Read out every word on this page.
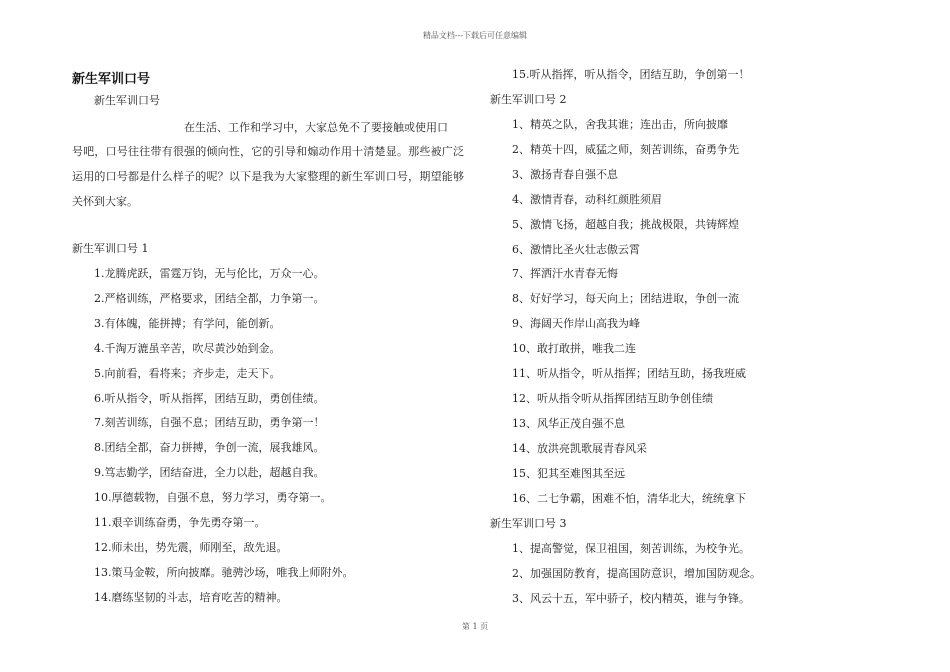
精品文档---下载后可任意编辑
新生军训口号
新生军训口号
在生活、工作和学习中，大家总免不了要接触或使用口
号吧，口号往往带有很强的倾向性，它的引导和煽动作用十清楚显。那些被广泛运用的口号都是什么样子的呢？以下是我为大家整理的新生军训口号，期望能够关怀到大家。
新生军训口号 1
1.龙腾虎跃，雷霆万钧，无与伦比，万众一心。
2.严格训练，严格要求，团结全都，力争第一。
3.有体魄，能拼搏；有学问，能创新。
4.千淘万漉虽辛苦，吹尽黄沙始到金。
5.向前看，看将来；齐步走，走天下。
6.听从指令，听从指挥，团结互助，勇创佳绩。
7.刻苦训练，自强不息；团结互助，勇争第一！
8.团结全都，奋力拼搏，争创一流，展我雄风。
9.笃志勤学，团结奋进，全力以赴，超越自我。
10.厚德载物，自强不息，努力学习，勇夺第一。
11.艰辛训练奋勇，争先勇夺第一。
12.师未出，势先震，师刚至，敌先退。
13.策马金鞍，所向披靡。驰骋沙场，唯我上师附外。
14.磨练坚韧的斗志，培育吃苦的精神。
15.听从指挥，听从指令，团结互助，争创第一！
新生军训口号 2
1、精英之队，舍我其谁；连出击，所向披靡
2、精英十四，威猛之师，刻苦训练，奋勇争先
3、激扬青春自强不息
4、激情青春，动科红颜胜须眉
5、激情飞扬，超越自我；挑战极限，共铸辉煌
6、激情比圣火壮志傲云霄
7、挥洒汗水青春无悔
8、好好学习，每天向上；团结进取，争创一流
9、海阔天作岸山高我为峰
10、敢打敢拼，唯我二连
11、听从指令，听从指挥；团结互助，扬我班威
12、听从指令听从指挥团结互助争创佳绩
13、风华正茂自强不息
14、放洪亮凯歌展青春风采
15、犯其至难图其至远
16、二七争霸，困难不怕，清华北大，统统拿下
新生军训口号 3
1、提高警觉，保卫祖国，刻苦训练，为校争光。
2、加强国防教育，提高国防意识，增加国防观念。
3、风云十五，军中骄子，校内精英，谁与争锋。
第 1 页
